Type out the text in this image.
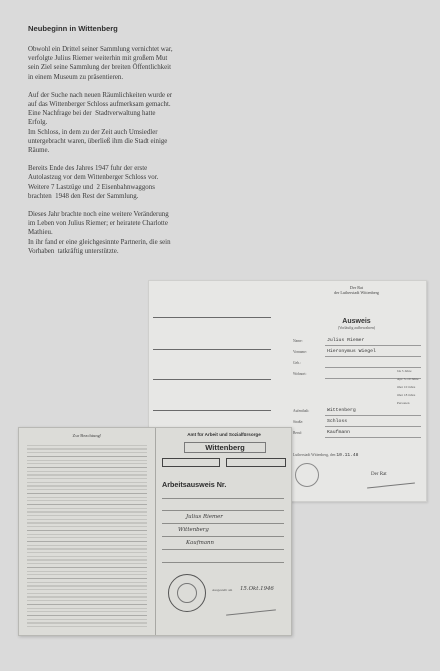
Neubeginn in Wittenberg
Obwohl ein Drittel seiner Sammlung vernichtet war,
verfolgte Julius Riemer weiterhin mit großem Mut
sein Ziel seine Sammlung der breiten Öffentlichkeit
in einem Museum zu präsentieren.
Auf der Suche nach neuen Räumlichkeiten wurde er
auf das Wittenberger Schloss aufmerksam gemacht.
Eine Nachfrage bei der  Stadtverwaltung hatte
Erfolg.
Im Schloss, in dem zu der Zeit auch Umsiedler
untergebracht waren, überließ ihm die Stadt einige
Räume.
Bereits Ende des Jahres 1947 fuhr der erste
Autolastzug vor dem Wittenberger Schloss vor.
Weitere 7 Lastzüge und  2 Eisenbahnwaggons
brachten  1948 den Rest der Sammlung.
Dieses Jahr brachte noch eine weitere Veränderung
im Leben von Julius Riemer; er heiratete Charlotte
Mathieu.
In ihr fand er eine gleichgesinnte Partnerin, die sein
Vorhaben  tatkräftig unterstützte.
Der Rat
der Lutherstadt Wittenberg
Ausweis
(Vorläufig aufbewahren)
Name:	Julius Riemer
Vorname:	Hieronymus Wiegel
Geb.:
Wohnort:
Aufenthalt:	Wittenberg
Straße:	Schloss
Beruf:	Kaufmann
bis 3 Jahre
Apr. 3–10 Jahre
über 10 Jahre
über 18 Jahre
Personen
Lutherstadt Wittenberg, den 10.11.48
Der Rat
Zur Beachtung!	Amt für Arbeit und Sozialfürsorge
Wittenberg
Arbeitsausweis Nr.
Julius Riemer
Wittenberg
Kaufmann
Ausgestellt am 15.Okt.1946
